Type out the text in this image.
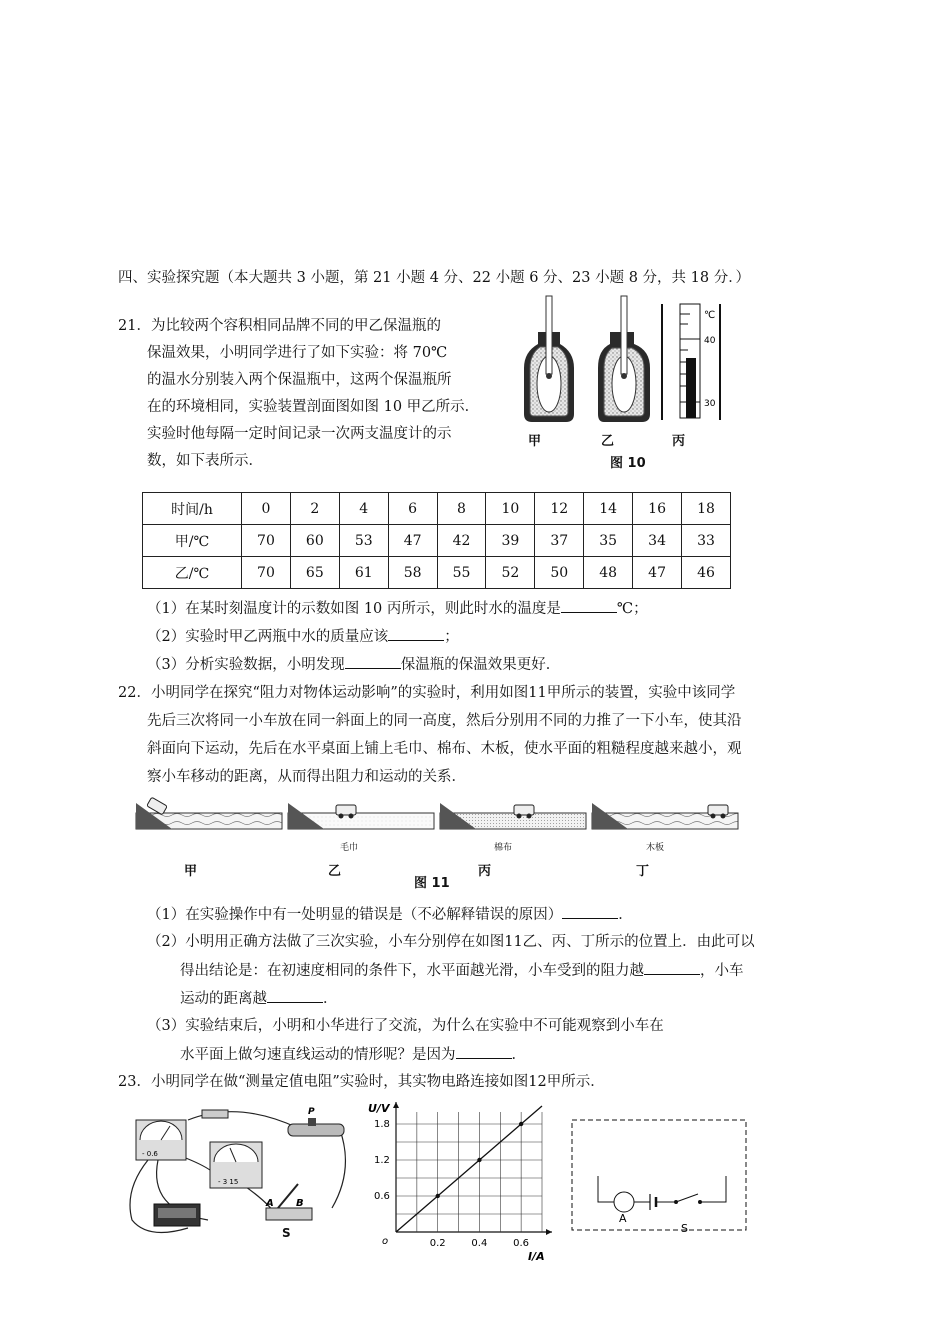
四、实验探究题（本大题共 3 小题，第 21 小题 4 分、22 小题 6 分、23 小题 8 分，共 18 分．）
21．为比较两个容积相同品牌不同的甲乙保温瓶的
保温效果，小明同学进行了如下实验：将 70℃
的温水分别装入两个保温瓶中，这两个保温瓶所
在的环境相同，实验装置剖面图如图 10 甲乙所示．
实验时他每隔一定时间记录一次两支温度计的示
数，如下表所示．
℃
40
30
甲	乙	丙
图 10
时间/h	0	2	4	6	8	10	12	14	16	18
甲/℃	70	60	53	47	42	39	37	35	34	33
乙/℃	70	65	61	58	55	52	50	48	47	46
（1）在某时刻温度计的示数如图 10 丙所示，则此时水的温度是	℃；
（2）实验时甲乙两瓶中水的质量应该	；
（3）分析实验数据，小明发现	保温瓶的保温效果更好．
22．小明同学在探究“阻力对物体运动影响”的实验时，利用如图11甲所示的装置，实验中该同学
先后三次将同一小车放在同一斜面上的同一高度，然后分别用不同的力推了一下小车，使其沿
斜面向下运动，先后在水平桌面上铺上毛巾、棉布、木板，使水平面的粗糙程度越来越小，观
察小车移动的距离，从而得出阻力和运动的关系．
毛巾	棉布	木板
甲	乙	丙	丁
图 11
（1）在实验操作中有一处明显的错误是（不必解释错误的原因）	．
（2）小明用正确方法做了三次实验，小车分别停在如图11乙、丙、丁所示的位置上．由此可以
得出结论是：在初速度相同的条件下，水平面越光滑，小车受到的阻力越	，小车
运动的距离越	．
（3）实验结束后，小明和小华进行了交流，为什么在实验中不可能观察到小车在
水平面上做匀速直线运动的情形呢？是因为	．
23．小明同学在做“测量定值电阻”实验时，其实物电路连接如图12甲所示．
- 0.6
- 3 15
P
A B
S
0.2	0.4	0.6
0.6
1.2
1.8
U/V
o
I/A
A
S
